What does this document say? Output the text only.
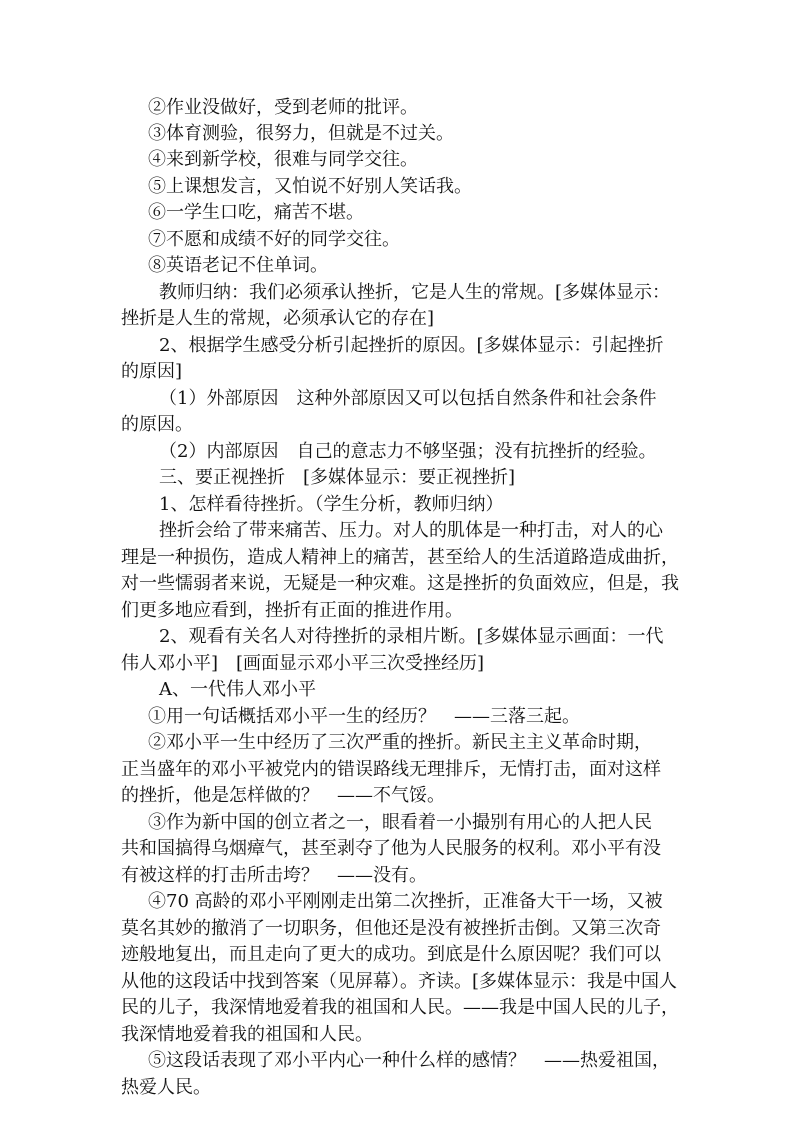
②作业没做好，受到老师的批评。

③体育测验，很努力，但就是不过关。

④来到新学校，很难与同学交往。

⑤上课想发言，又怕说不好别人笑话我。

⑥一学生口吃，痛苦不堪。

⑦不愿和成绩不好的同学交往。

⑧英语老记不住单词。

教师归纳：我们必须承认挫折，它是人生的常规。[多媒体显示：

挫折是人生的常规，必须承认它的存在]

2、根据学生感受分析引起挫折的原因。[多媒体显示：引起挫折

的原因]

（1）外部原因　这种外部原因又可以包括自然条件和社会条件

的原因。

（2）内部原因　自己的意志力不够坚强；没有抗挫折的经验。

三、要正视挫折　[多媒体显示：要正视挫折]

1、怎样看待挫折。（学生分析，教师归纳）

挫折会给了带来痛苦、压力。对人的肌体是一种打击，对人的心

理是一种损伤，造成人精神上的痛苦，甚至给人的生活道路造成曲折，

对一些懦弱者来说，无疑是一种灾难。这是挫折的负面效应，但是，我

们更多地应看到，挫折有正面的推进作用。

2、观看有关名人对待挫折的录相片断。[多媒体显示画面：一代

伟人邓小平]　[画面显示邓小平三次受挫经历]

A、一代伟人邓小平

①用一句话概括邓小平一生的经历？　——三落三起。

②邓小平一生中经历了三次严重的挫折。新民主主义革命时期，

正当盛年的邓小平被党内的错误路线无理排斥，无情打击，面对这样

的挫折，他是怎样做的？　——不气馁。

③作为新中国的创立者之一，眼看着一小撮别有用心的人把人民

共和国搞得乌烟瘴气，甚至剥夺了他为人民服务的权利。邓小平有没

有被这样的打击所击垮？　——没有。

④70 高龄的邓小平刚刚走出第二次挫折，正准备大干一场，又被

莫名其妙的撤消了一切职务，但他还是没有被挫折击倒。又第三次奇

迹般地复出，而且走向了更大的成功。到底是什么原因呢？我们可以

从他的这段话中找到答案（见屏幕）。齐读。[多媒体显示：我是中国人

民的儿子，我深情地爱着我的祖国和人民。——我是中国人民的儿子，

我深情地爱着我的祖国和人民。

⑤这段话表现了邓小平内心一种什么样的感情？　——热爱祖国，

热爱人民。
